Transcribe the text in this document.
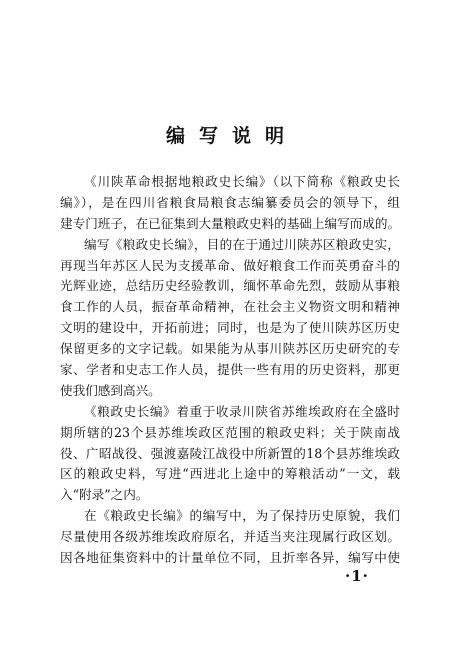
编写说明
《川陕革命根据地粮政史长编》（以下简称《粮政史长
编》），是在四川省粮食局粮食志编纂委员会的领导下，组
建专门班子，在已征集到大量粮政史料的基础上编写而成的。
编写《粮政史长编》，目的在于通过川陕苏区粮政史实，
再现当年苏区人民为支援革命、做好粮食工作而英勇奋斗的
光辉业迹，总结历史经验教训，缅怀革命先烈，鼓励从事粮
食工作的人员，振奋革命精神，在社会主义物资文明和精神
文明的建设中，开拓前进；同时，也是为了使川陕苏区历史
保留更多的文字记载。如果能为从事川陕苏区历史研究的专
家、学者和史志工作人员，提供一些有用的历史资料，那更
使我们感到高兴。
《粮政史长编》着重于收录川陕省苏维埃政府在全盛时
期所辖的23个县苏维埃政区范围的粮政史料；关于陕南战
役、广昭战役、强渡嘉陵江战役中所新置的18个县苏维埃政
区的粮政史料，写进“西进北上途中的筹粮活动”一文，载
入“附录”之内。
在《粮政史长编》的编写中，为了保持历史原貌，我们
尽量使用各级苏维埃政府原名，并适当夹注现属行政区划。
因各地征集资料中的计量单位不同，且折率各异，编写中使
·1·
